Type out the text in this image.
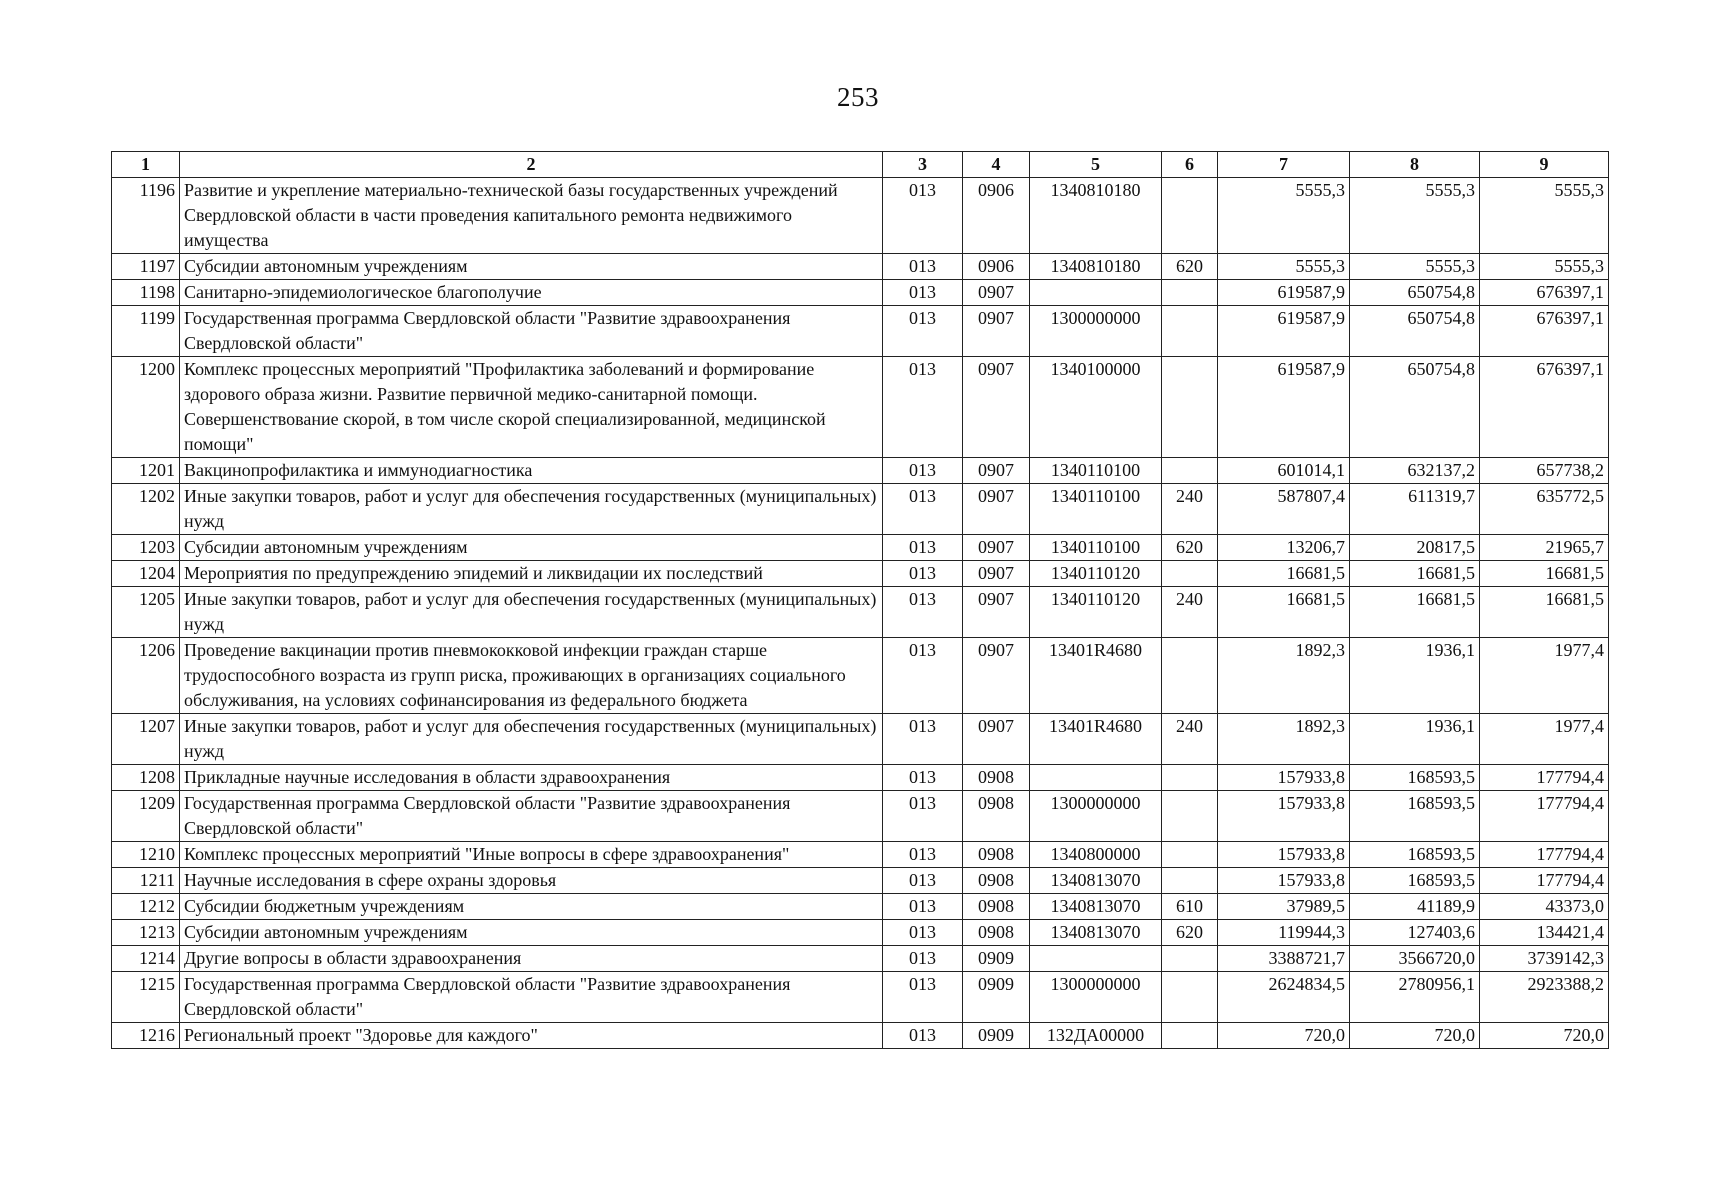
253
1	2	3	4	5	6	7	8	9
1196	Развитие и укрепление материально-технической базы государственных учреждений Свердловской области в части проведения капитального ремонта недвижимого имущества	013	0906	1340810180		5555,3	5555,3	5555,3
1197	Субсидии автономным учреждениям	013	0906	1340810180	620	5555,3	5555,3	5555,3
1198	Санитарно-эпидемиологическое благополучие	013	0907			619587,9	650754,8	676397,1
1199	Государственная программа Свердловской области "Развитие здравоохранения Свердловской области"	013	0907	1300000000		619587,9	650754,8	676397,1
1200	Комплекс процессных мероприятий "Профилактика заболеваний и формирование здорового образа жизни. Развитие первичной медико-санитарной помощи. Совершенствование скорой, в том числе скорой специализированной, медицинской помощи"	013	0907	1340100000		619587,9	650754,8	676397,1
1201	Вакцинопрофилактика и иммунодиагностика	013	0907	1340110100		601014,1	632137,2	657738,2
1202	Иные закупки товаров, работ и услуг для обеспечения государственных (муниципальных) нужд	013	0907	1340110100	240	587807,4	611319,7	635772,5
1203	Субсидии автономным учреждениям	013	0907	1340110100	620	13206,7	20817,5	21965,7
1204	Мероприятия по предупреждению эпидемий и ликвидации их последствий	013	0907	1340110120		16681,5	16681,5	16681,5
1205	Иные закупки товаров, работ и услуг для обеспечения государственных (муниципальных) нужд	013	0907	1340110120	240	16681,5	16681,5	16681,5
1206	Проведение вакцинации против пневмококковой инфекции граждан старше трудоспособного возраста из групп риска, проживающих в организациях социального обслуживания, на условиях софинансирования из федерального бюджета	013	0907	13401R4680		1892,3	1936,1	1977,4
1207	Иные закупки товаров, работ и услуг для обеспечения государственных (муниципальных) нужд	013	0907	13401R4680	240	1892,3	1936,1	1977,4
1208	Прикладные научные исследования в области здравоохранения	013	0908			157933,8	168593,5	177794,4
1209	Государственная программа Свердловской области "Развитие здравоохранения Свердловской области"	013	0908	1300000000		157933,8	168593,5	177794,4
1210	Комплекс процессных мероприятий "Иные вопросы в сфере здравоохранения"	013	0908	1340800000		157933,8	168593,5	177794,4
1211	Научные исследования в сфере охраны здоровья	013	0908	1340813070		157933,8	168593,5	177794,4
1212	Субсидии бюджетным учреждениям	013	0908	1340813070	610	37989,5	41189,9	43373,0
1213	Субсидии автономным учреждениям	013	0908	1340813070	620	119944,3	127403,6	134421,4
1214	Другие вопросы в области здравоохранения	013	0909			3388721,7	3566720,0	3739142,3
1215	Государственная программа Свердловской области "Развитие здравоохранения Свердловской области"	013	0909	1300000000		2624834,5	2780956,1	2923388,2
1216	Региональный проект "Здоровье для каждого"	013	0909	132ДА00000		720,0	720,0	720,0
